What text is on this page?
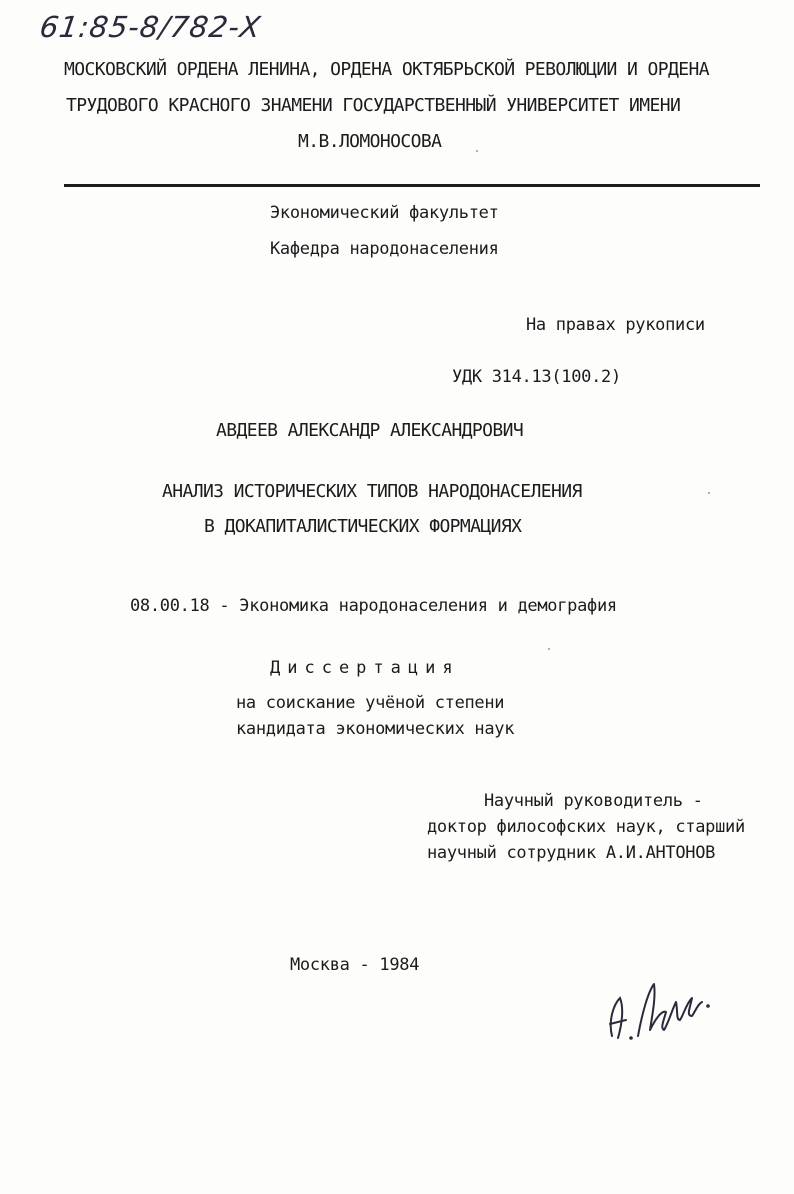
61:85-8/782-Х
МОСКОВСКИЙ ОРДЕНА ЛЕНИНА, ОРДЕНА ОКТЯБРЬСКОЙ РЕВОЛЮЦИИ И ОРДЕНА
ТРУДОВОГО КРАСНОГО ЗНАМЕНИ ГОСУДАРСТВЕННЫЙ УНИВЕРСИТЕТ ИМЕНИ
М.В.ЛОМОНОСОВА
Экономический факультет
Кафедра народонаселения
На правах рукописи
УДК 314.13(100.2)
АВДЕЕВ АЛЕКСАНДР АЛЕКСАНДРОВИЧ
АНАЛИЗ ИСТОРИЧЕСКИХ ТИПОВ НАРОДОНАСЕЛЕНИЯ
В ДОКАПИТАЛИСТИЧЕСКИХ ФОРМАЦИЯХ
08.00.18 - Экономика народонаселения и демография
Диссертация
на соискание учёной степени
кандидата экономических наук
Научный руководитель -
доктор философских наук, старший
научный сотрудник А.И.АНТОНОВ
Москва - 1984
